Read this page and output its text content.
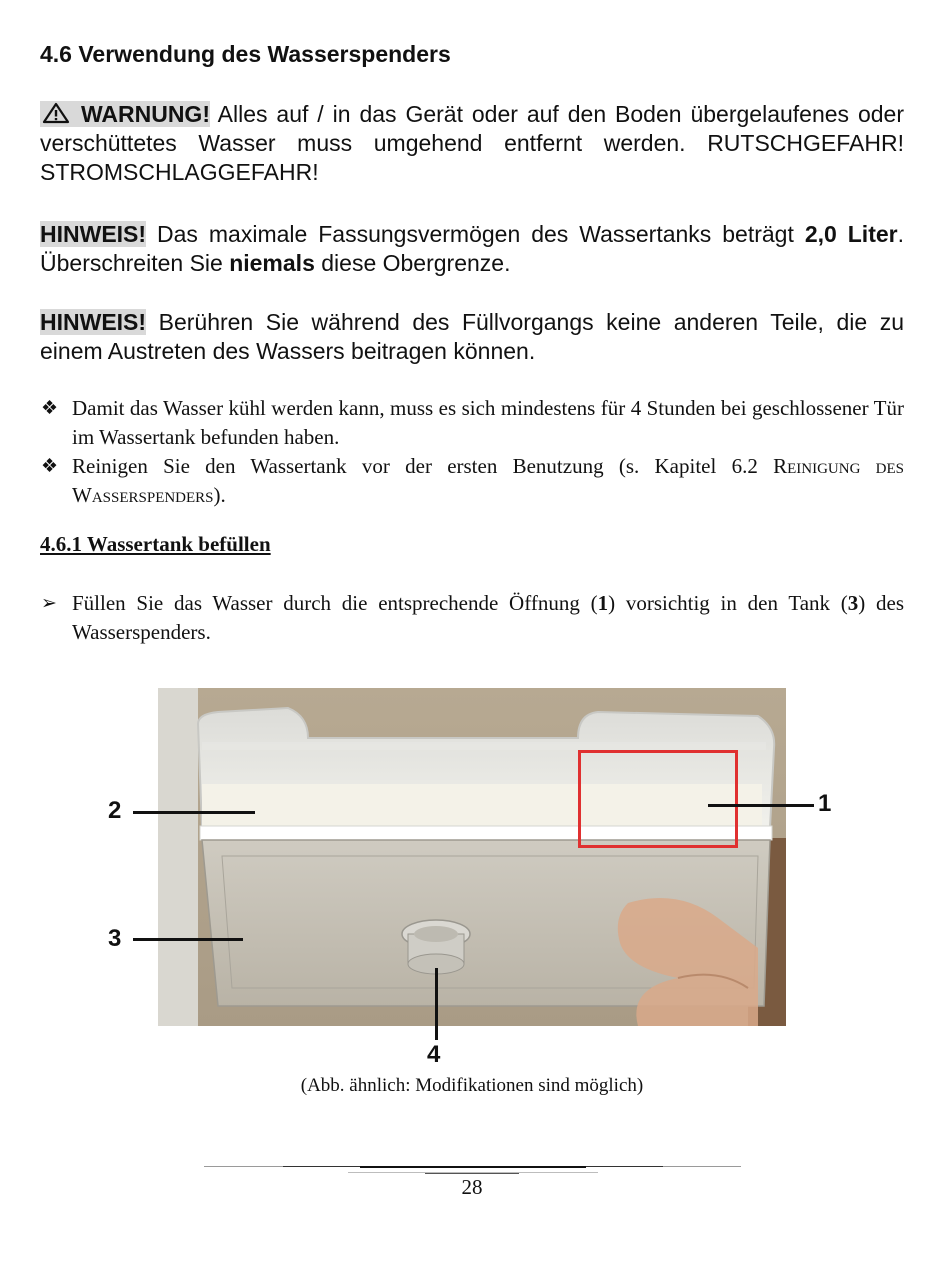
4.6 Verwendung des Wasserspenders

WARNUNG! Alles auf / in das Gerät oder auf den Boden übergelaufenes oder verschüttetes Wasser muss umgehend entfernt werden. RUTSCHGEFAHR! STROMSCHLAGGEFAHR!

HINWEIS! Das maximale Fassungsvermögen des Wassertanks beträgt 2,0 Liter. Überschreiten Sie niemals diese Obergrenze.

HINWEIS! Berühren Sie während des Füllvorgangs keine anderen Teile, die zu einem Austreten des Wassers beitragen können.

❖ Damit das Wasser kühl werden kann, muss es sich mindestens für 4 Stunden bei geschlossener Tür im Wassertank befunden haben.
❖ Reinigen Sie den Wassertank vor der ersten Benutzung (s. Kapitel 6.2 Reinigung des Wasserspenders).
4.6.1 Wassertank befüllen
➢ Füllen Sie das Wasser durch die entsprechende Öffnung (1) vorsichtig in den Tank (3) des Wasserspenders.
1
2
3
4
(Abb. ähnlich: Modifikationen sind möglich)
28
